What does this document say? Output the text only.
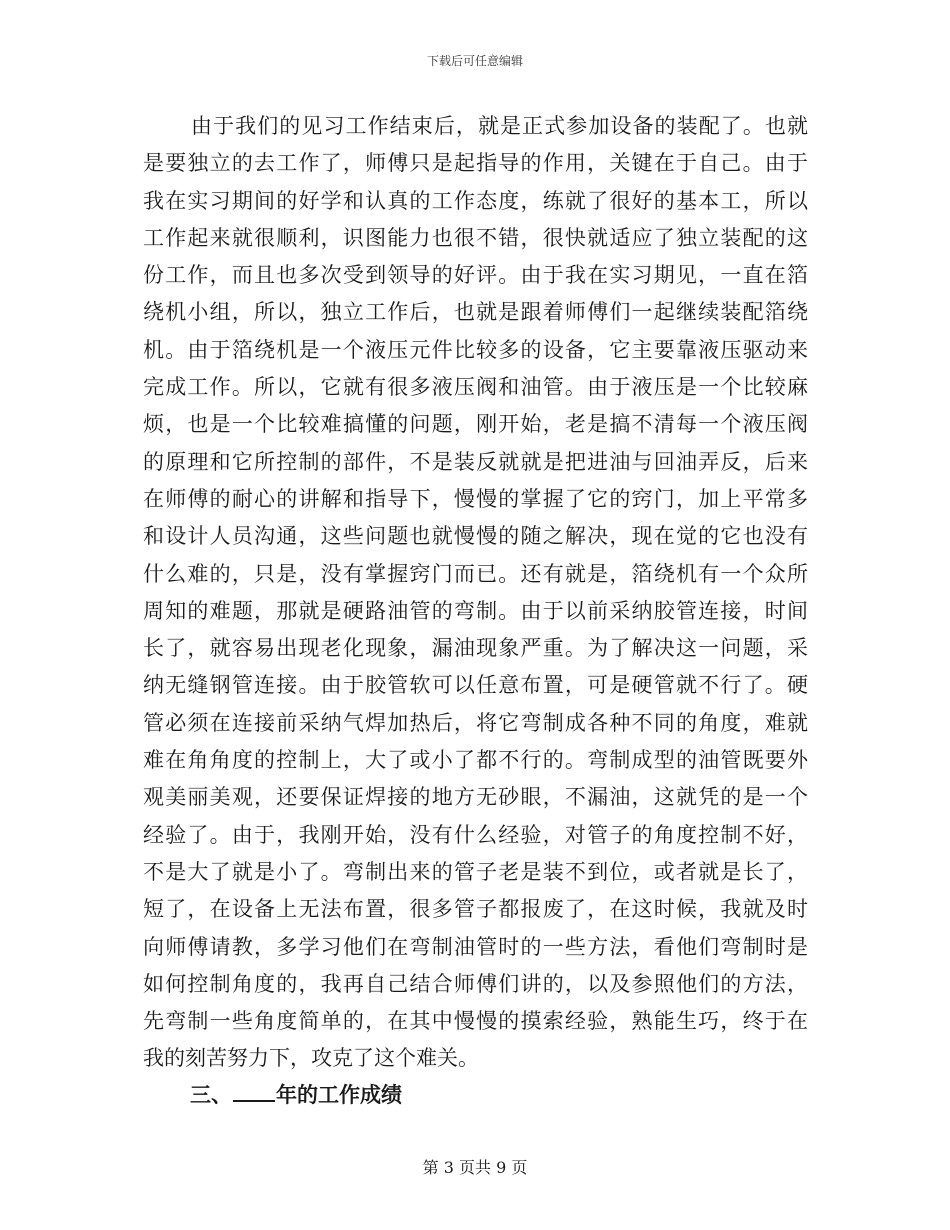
下载后可任意编辑
由于我们的见习工作结束后，就是正式参加设备的装配了。也就
是要独立的去工作了，师傅只是起指导的作用，关键在于自己。由于
我在实习期间的好学和认真的工作态度，练就了很好的基本工，所以
工作起来就很顺利，识图能力也很不错，很快就适应了独立装配的这
份工作，而且也多次受到领导的好评。由于我在实习期见，一直在箔
绕机小组，所以，独立工作后，也就是跟着师傅们一起继续装配箔绕
机。由于箔绕机是一个液压元件比较多的设备，它主要靠液压驱动来
完成工作。所以，它就有很多液压阀和油管。由于液压是一个比较麻
烦，也是一个比较难搞懂的问题，刚开始，老是搞不清每一个液压阀
的原理和它所控制的部件，不是装反就就是把进油与回油弄反，后来
在师傅的耐心的讲解和指导下，慢慢的掌握了它的窍门，加上平常多
和设计人员沟通，这些问题也就慢慢的随之解决，现在觉的它也没有
什么难的，只是，没有掌握窍门而已。还有就是，箔绕机有一个众所
周知的难题，那就是硬路油管的弯制。由于以前采纳胶管连接，时间
长了，就容易出现老化现象，漏油现象严重。为了解决这一问题，采
纳无缝钢管连接。由于胶管软可以任意布置，可是硬管就不行了。硬
管必须在连接前采纳气焊加热后，将它弯制成各种不同的角度，难就
难在角角度的控制上，大了或小了都不行的。弯制成型的油管既要外
观美丽美观，还要保证焊接的地方无砂眼，不漏油，这就凭的是一个
经验了。由于，我刚开始，没有什么经验，对管子的角度控制不好，
不是大了就是小了。弯制出来的管子老是装不到位，或者就是长了，
短了，在设备上无法布置，很多管子都报废了，在这时候，我就及时
向师傅请教，多学习他们在弯制油管时的一些方法，看他们弯制时是
如何控制角度的，我再自己结合师傅们讲的，以及参照他们的方法，
先弯制一些角度简单的，在其中慢慢的摸索经验，熟能生巧，终于在
我的刻苦努力下，攻克了这个难关。
三、 年的工作成绩
第 3 页共 9 页
